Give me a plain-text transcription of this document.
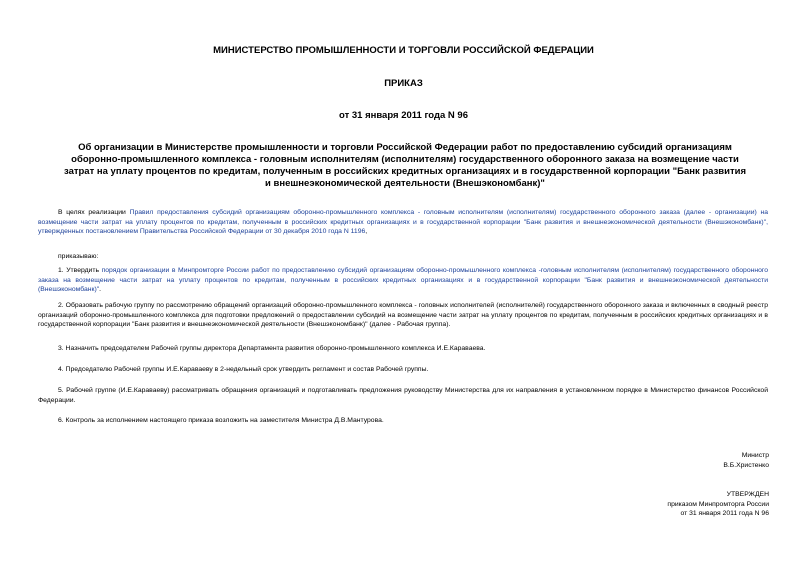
МИНИСТЕРСТВО ПРОМЫШЛЕННОСТИ И ТОРГОВЛИ РОССИЙСКОЙ ФЕДЕРАЦИИ
ПРИКАЗ
от 31 января 2011 года N 96
Об организации в Министерстве промышленности и торговли Российской Федерации работ по предоставлению субсидий организациям оборонно-промышленного комплекса - головным исполнителям (исполнителям) государственного оборонного заказа на возмещение части затрат на уплату процентов по кредитам, полученным в российских кредитных организациях и в государственной корпорации "Банк развития и внешнеэкономической деятельности (Внешэкономбанк)"
В целях реализации Правил предоставления субсидий организациям оборонно-промышленного комплекса - головным исполнителям (исполнителям) государственного оборонного заказа (далее - организации) на возмещение части затрат на уплату процентов по кредитам, полученным в российских кредитных организациях и в государственной корпорации "Банк развития и внешнеэкономической деятельности (Внешэкономбанк)", утвержденных постановлением Правительства Российской Федерации от 30 декабря 2010 года N 1196,
приказываю:
1. Утвердить порядок организации в Минпромторге России работ по предоставлению субсидий организациям оборонно-промышленного комплекса -головным исполнителям (исполнителям) государственного оборонного заказа на возмещение части затрат на уплату процентов по кредитам, полученным в российских кредитных организациях и в государственной корпорации "Банк развития и внешнеэкономической деятельности (Внешэкономбанк)".
2. Образовать рабочую группу по рассмотрению обращений организаций оборонно-промышленного комплекса - головных исполнителей (исполнителей) государственного оборонного заказа и включенных в сводный реестр организаций оборонно-промышленного комплекса для подготовки предложений о предоставлении субсидий на возмещение части затрат на уплату процентов по кредитам, полученным в российских кредитных организациях и в государственной корпорации "Банк развития и внешнеэкономической деятельности (Внешэкономбанк)" (далее - Рабочая группа).
3. Назначить председателем Рабочей группы директора Департамента развития оборонно-промышленного комплекса И.Е.Караваева.
4. Председателю Рабочей группы И.Е.Караваеву в 2-недельный срок утвердить регламент и состав Рабочей группы.
5. Рабочей группе (И.Е.Караваеву) рассматривать обращения организаций и подготавливать предложения руководству Министерства для их направления в установленном порядке в Министерство финансов Российской Федерации.
6. Контроль за исполнением настоящего приказа возложить на заместителя Министра Д.В.Мантурова.
Министр
В.Б.Христенко
УТВЕРЖДЕН
приказом Минпромторга России
от 31 января 2011 года N 96
